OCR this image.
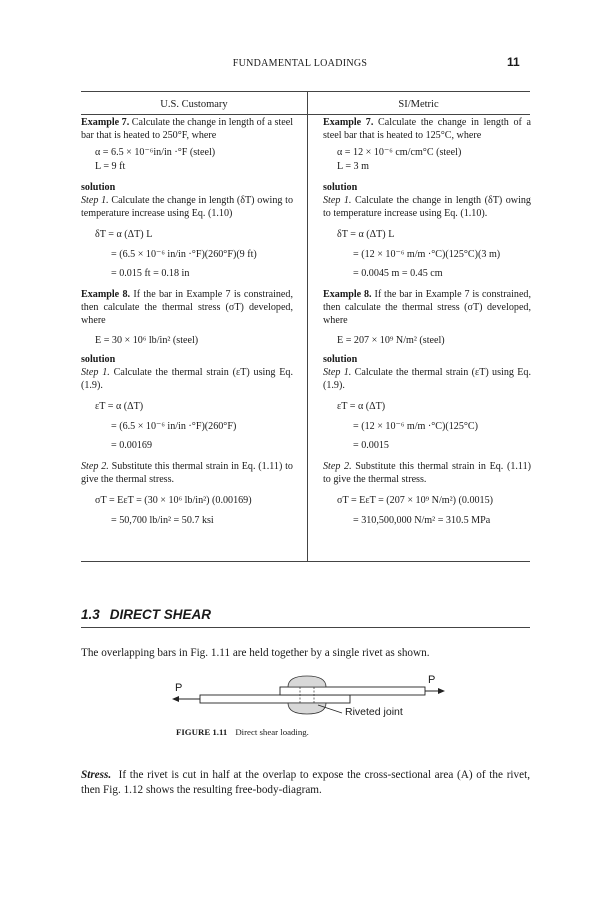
FUNDAMENTAL LOADINGS	11
U.S. Customary	SI/Metric
Example 7. Calculate the change in length of a steel bar that is heated to 250°F, where
α = 6.5 × 10⁻⁶in/in ·°F (steel)
L = 9 ft
solution
Step 1. Calculate the change in length (δT) owing to temperature increase using Eq. (1.10)
δT = α (ΔT) L
= (6.5 × 10⁻⁶ in/in ·°F)(260°F)(9 ft)
= 0.015 ft = 0.18 in
Example 8. If the bar in Example 7 is constrained, then calculate the thermal stress (σT) developed, where
E = 30 × 10⁶ lb/in² (steel)
solution
Step 1. Calculate the thermal strain (εT) using Eq. (1.9).
εT = α (ΔT)
= (6.5 × 10⁻⁶ in/in ·°F)(260°F)
= 0.00169
Step 2. Substitute this thermal strain in Eq. (1.11) to give the thermal stress.
σT = EεT = (30 × 10⁶ lb/in²) (0.00169)
= 50,700 lb/in² = 50.7 ksi
Example 7. Calculate the change in length of a steel bar that is heated to 125°C, where
α = 12 × 10⁻⁶ cm/cm°C (steel)
L = 3 m
solution
Step 1. Calculate the change in length (δT) owing to temperature increase using Eq. (1.10).
δT = α (ΔT) L
= (12 × 10⁻⁶ m/m ·°C)(125°C)(3 m)
= 0.0045 m = 0.45 cm
Example 8. If the bar in Example 7 is constrained, then calculate the thermal stress (σT) developed, where
E = 207 × 10⁹ N/m² (steel)
solution
Step 1. Calculate the thermal strain (εT) using Eq. (1.9).
εT = α (ΔT)
= (12 × 10⁻⁶ m/m ·°C)(125°C)
= 0.0015
Step 2. Substitute this thermal strain in Eq. (1.11) to give the thermal stress.
σT = EεT = (207 × 10⁹ N/m²) (0.0015)
= 310,500,000 N/m² = 310.5 MPa
1.3 DIRECT SHEAR
The overlapping bars in Fig. 1.11 are held together by a single rivet as shown.
P
P
Riveted joint
FIGURE 1.11 Direct shear loading.
Stress. If the rivet is cut in half at the overlap to expose the cross-sectional area (A) of the rivet, then Fig. 1.12 shows the resulting free-body-diagram.
